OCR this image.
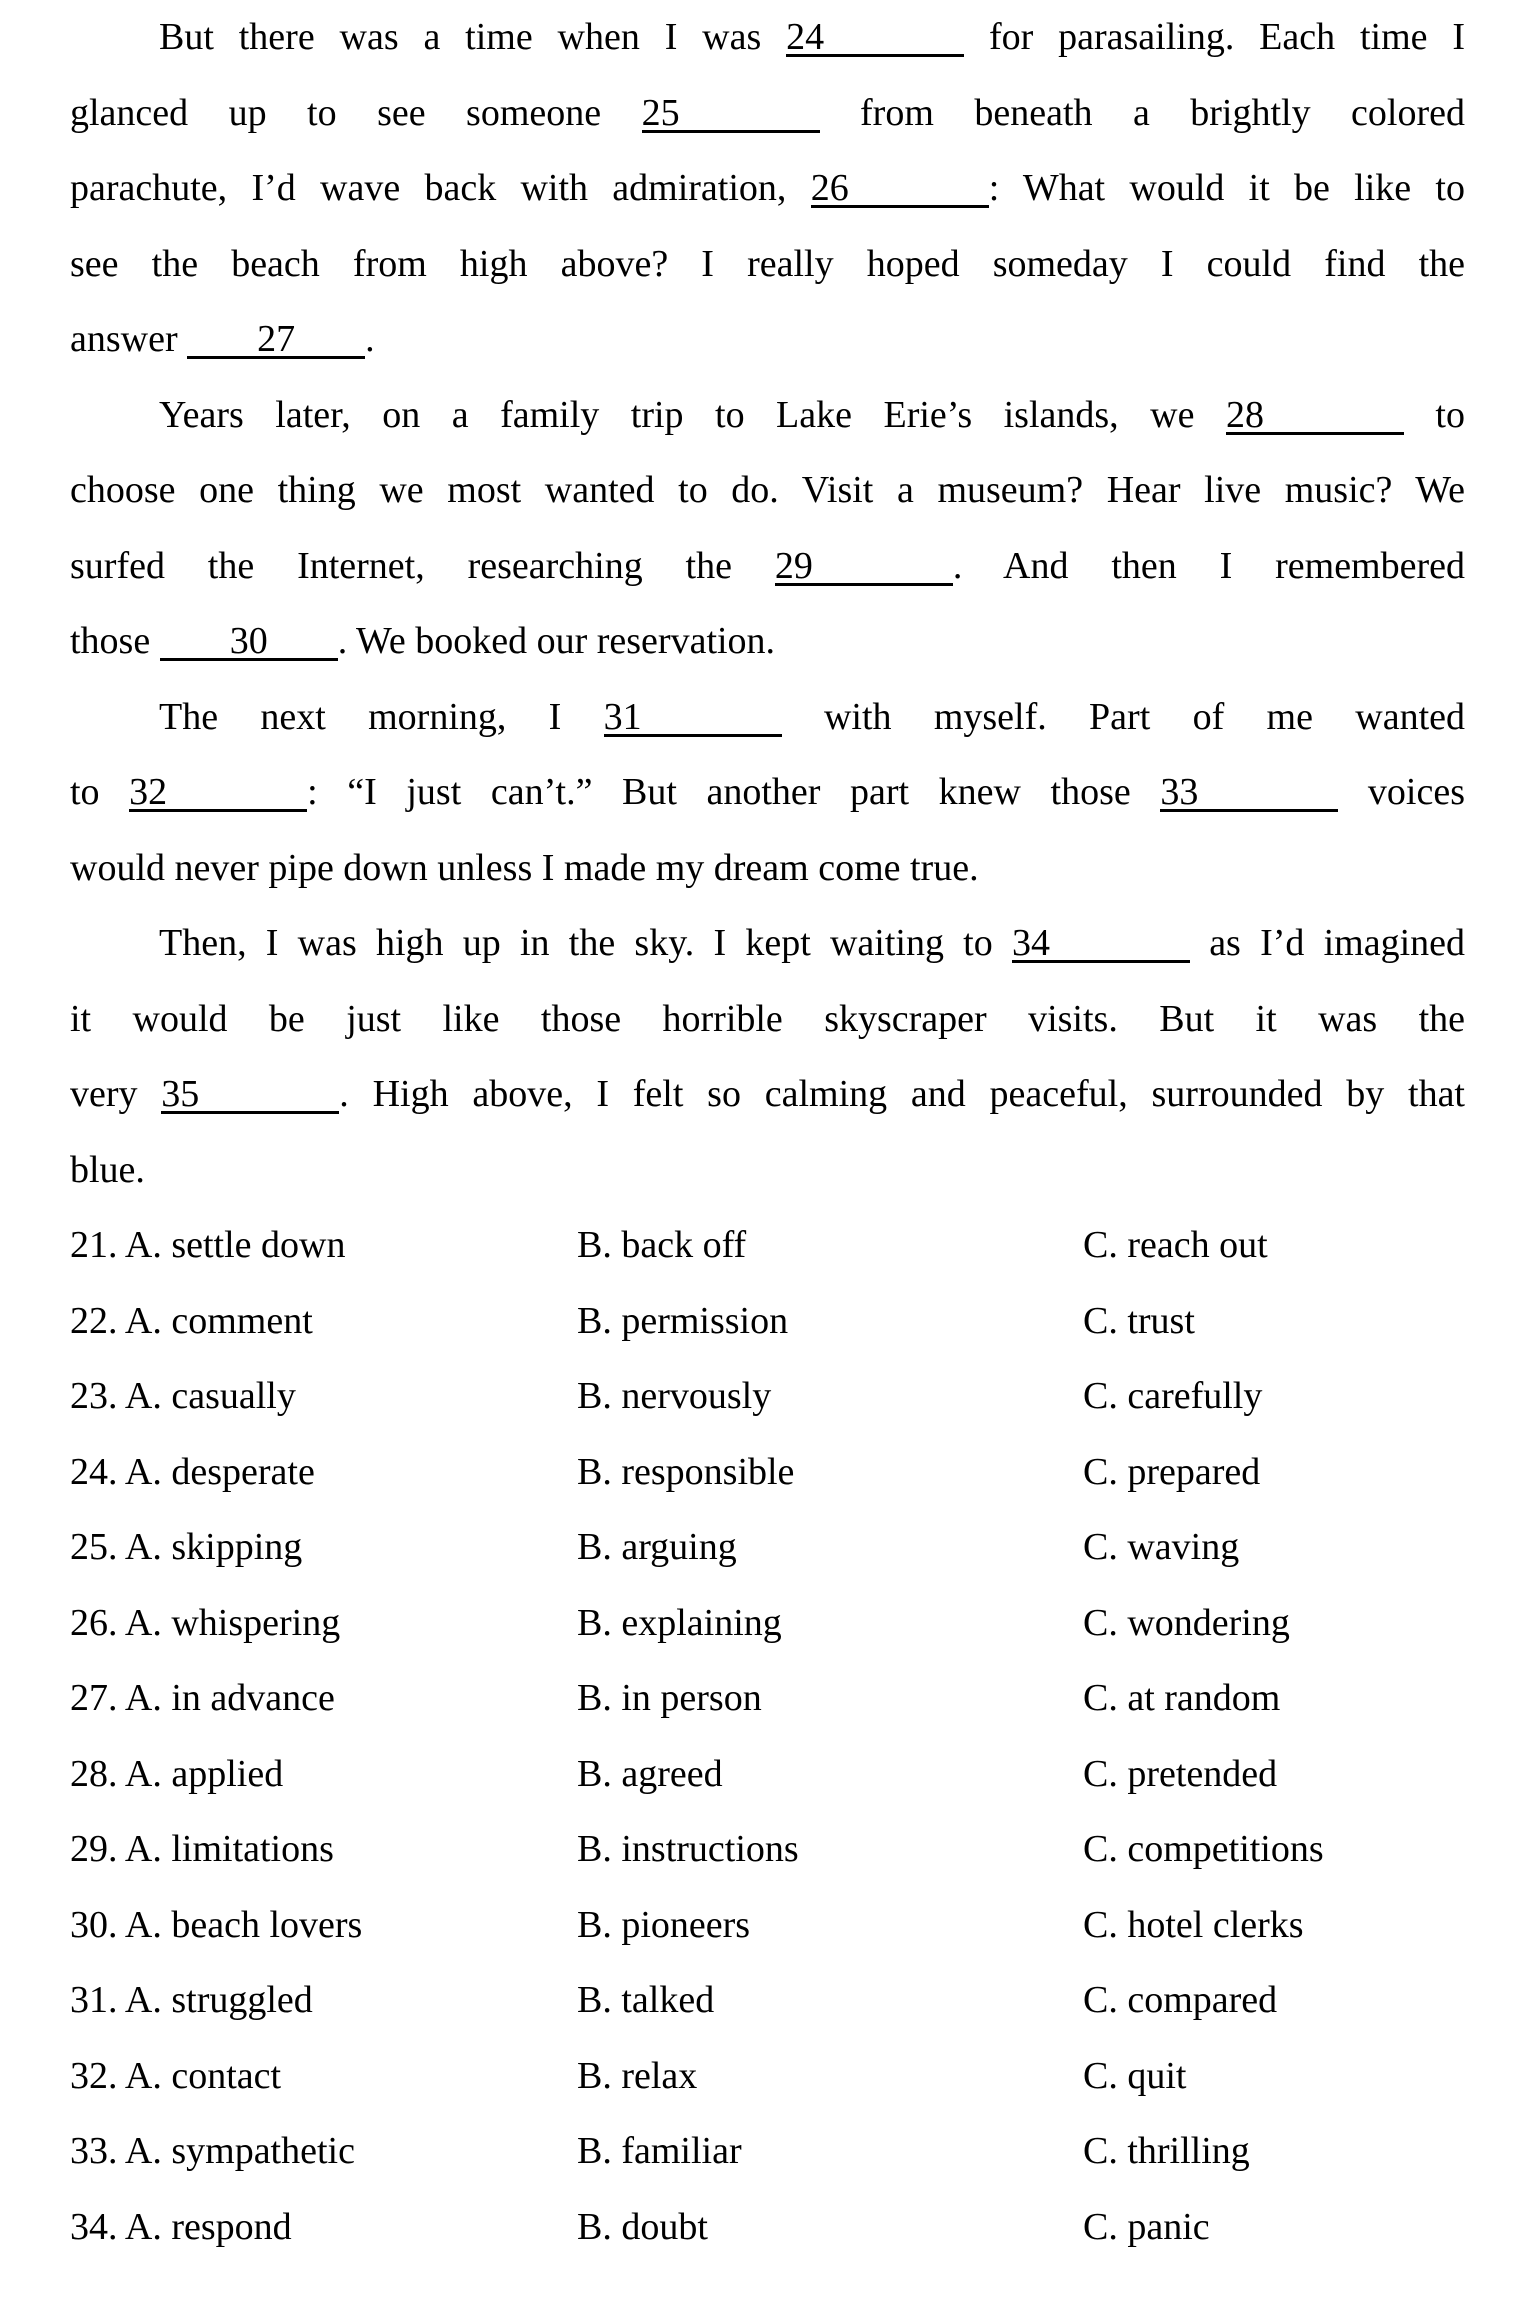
But there was a time when I was 24	for parasailing. Each time I
glanced up to see someone 25	from beneath a brightly colored
parachute, I’d wave back with admiration, 26	: What would it be like to
see the beach from high above? I really hoped someday I could find the
answer 27 .
Years later, on a family trip to Lake Erie’s islands, we 28	to
choose one thing we most wanted to do. Visit a museum? Hear live music? We
surfed the Internet, researching the 29	. And then I remembered
those 30 . We booked our reservation.
The next morning, I 31	with myself. Part of me wanted
to 32	: “I just can’t.” But another part knew those 33	voices
would never pipe down unless I made my dream come true.
Then, I was high up in the sky. I kept waiting to 34	as I’d imagined
it would be just like those horrible skyscraper visits. But it was the
very 35	. High above, I felt so calming and peaceful, surrounded by that
blue.
21. A. settle down	B. back off	C. reach out
22. A. comment	B. permission	C. trust
23. A. casually	B. nervously	C. carefully
24. A. desperate	B. responsible	C. prepared
25. A. skipping	B. arguing	C. waving
26. A. whispering	B. explaining	C. wondering
27. A. in advance	B. in person	C. at random
28. A. applied	B. agreed	C. pretended
29. A. limitations	B. instructions	C. competitions
30. A. beach lovers	B. pioneers	C. hotel clerks
31. A. struggled	B. talked	C. compared
32. A. contact	B. relax	C. quit
33. A. sympathetic	B. familiar	C. thrilling
34. A. respond	B. doubt	C. panic
